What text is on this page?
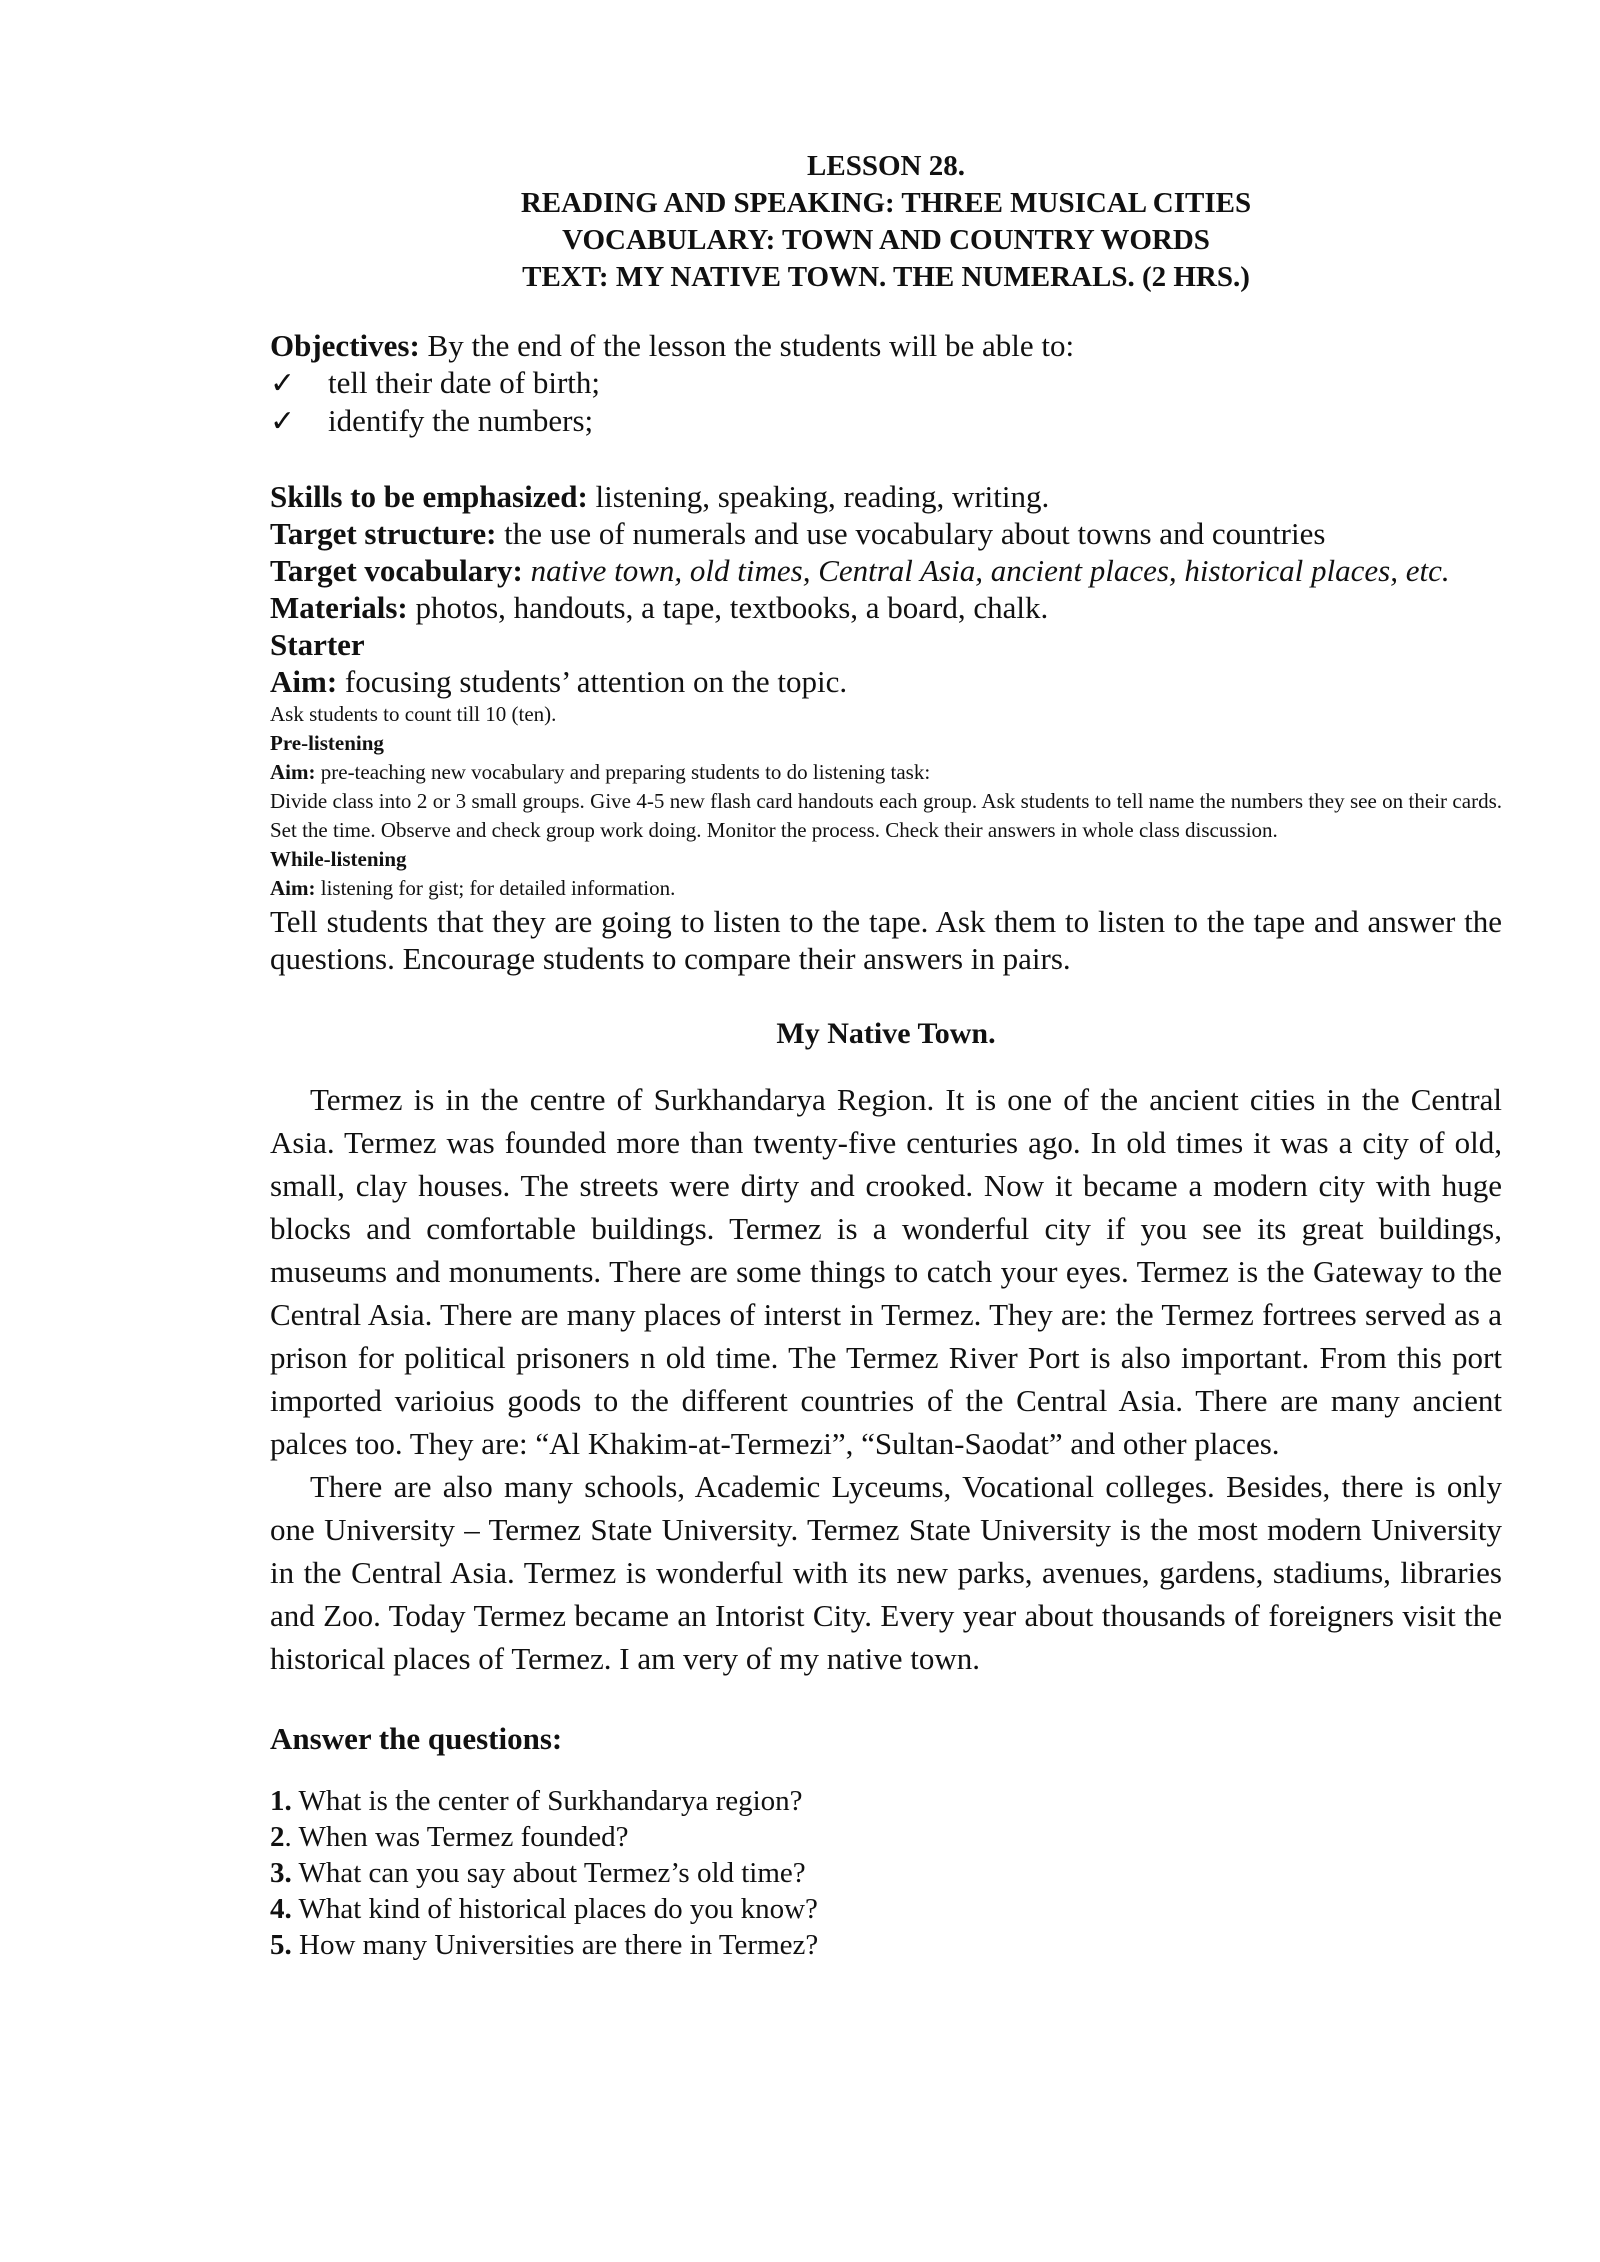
LESSON 28.
READING AND SPEAKING: THREE MUSICAL CITIES
VOCABULARY: TOWN AND COUNTRY WORDS
TEXT: MY NATIVE TOWN. THE NUMERALS. (2 HRS.)
Objectives: By the end of the lesson the students will be able to:
✓	tell their date of birth;
✓	identify the numbers;
Skills to be emphasized: listening, speaking, reading, writing.
Target structure: the use of numerals and use vocabulary about towns and countries
Target vocabulary: native town, old times, Central Asia, ancient places, historical places, etc.
Materials: photos, handouts, a tape, textbooks, a board, chalk.
Starter
Aim: focusing students’ attention on the topic.
Ask students to count till 10 (ten).
Pre-listening
Aim: pre-teaching new vocabulary and preparing students to do listening task:
Divide class into 2 or 3 small groups. Give 4-5 new flash card handouts each group. Ask students to tell name the numbers they see on their cards. Set the time. Observe and check group work doing. Monitor the process. Check their answers in whole class discussion.
While-listening
Aim: listening for gist; for detailed information.
Tell students that they are going to listen to the tape. Ask them to listen to the tape and answer the questions. Encourage students to compare their answers in pairs.
My Native Town.

Termez is in the centre of Surkhandarya Region. It is one of the ancient cities in the Central Asia. Termez was founded more than twenty-five centuries ago. In old times it was a city of old, small, clay houses. The streets were dirty and crooked. Now it became a modern city with huge blocks and comfortable buildings. Termez is a wonderful city if you see its great buildings, museums and monuments. There are some things to catch your eyes. Termez is the Gateway to the Central Asia. There are many places of interst in Termez. They are: the Termez fortrees served as a prison for political prisoners n old time. The Termez River Port is also important. From this port imported varioius goods to the different countries of the Central Asia. There are many ancient palces too. They are: “Al Khakim-at-Termezi”, “Sultan-Saodat” and other places.

There are also many schools, Academic Lyceums, Vocational colleges. Besides, there is only one University – Termez State University. Termez State University is the most modern University in the Central Asia. Termez is wonderful with its new parks, avenues, gardens, stadiums, libraries and Zoo. Today Termez became an Intorist City. Every year about thousands of foreigners visit the historical places of Termez. I am very of my native town.

Answer the questions:
1. What is the center of Surkhandarya region?
2. When was Termez founded?
3. What can you say about Termez’s old time?
4. What kind of historical places do you know?
5. How many Universities are there in Termez?
